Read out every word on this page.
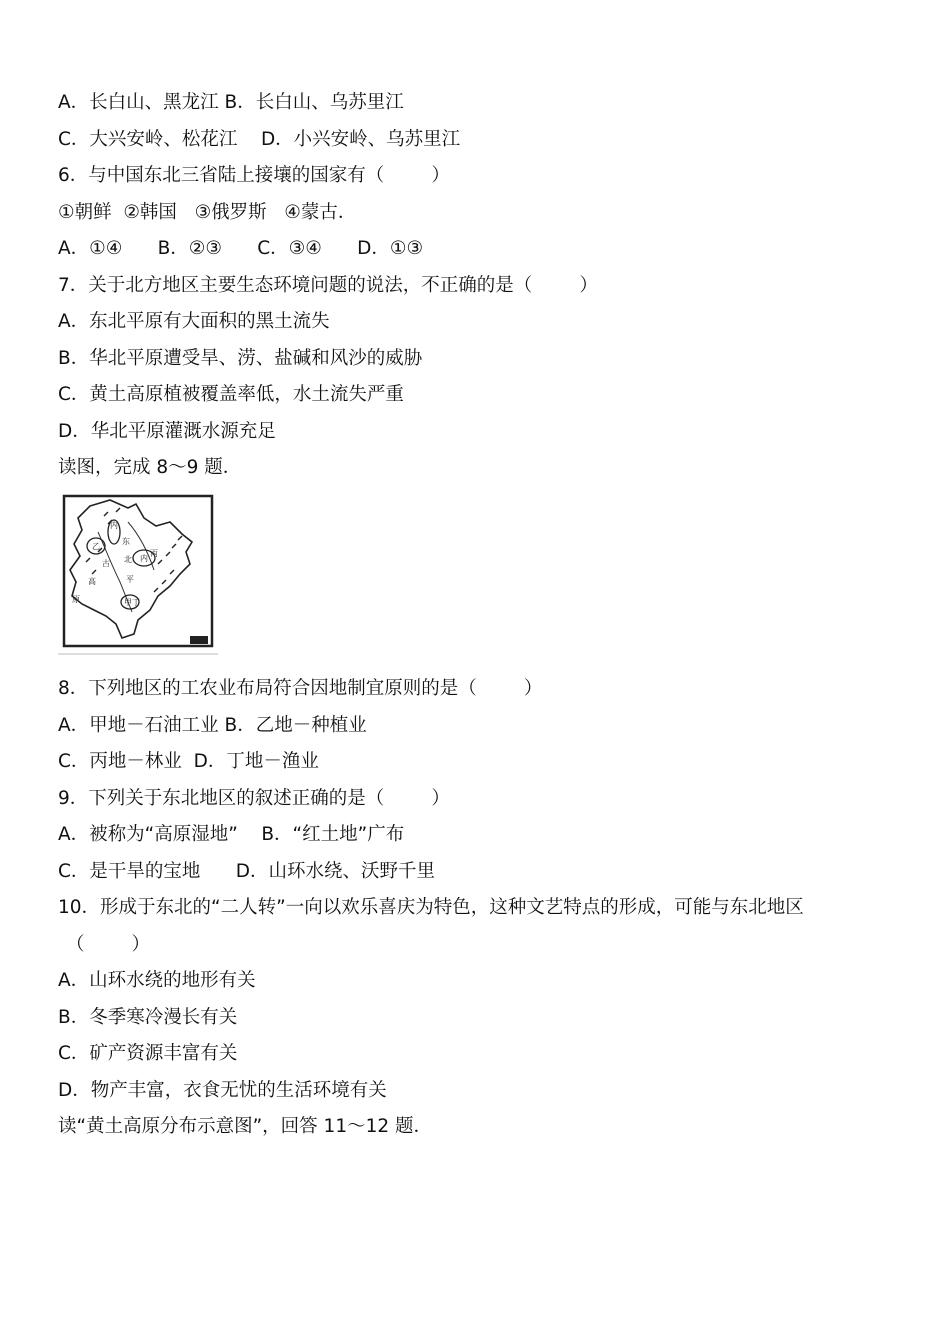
A．长白山、黑龙江 B．长白山、乌苏里江
C．大兴安岭、松花江    D．小兴安岭、乌苏里江
6．与中国东北三省陆上接壤的国家有（        ）
①朝鲜  ②韩国   ③俄罗斯   ④蒙古．
A．①④      B．②③      C．③④      D．①③
7．关于北方地区主要生态环境问题的说法，不正确的是（        ）
A．东北平原有大面积的黑土流失
B．华北平原遭受旱、涝、盐碱和风沙的威胁
C．黄土高原植被覆盖率低，水土流失严重
D．华北平原灌溉水源充足
读图，完成 8～9 题．
8．下列地区的工农业布局符合因地制宜原则的是（        ）
A．甲地－石油工业 B．乙地－种植业
C．丙地－林业  D．丁地－渔业
9．下列关于东北地区的叙述正确的是（        ）
A．被称为“高原湿地”    B．“红土地”广布
C．是干旱的宝地      D．山环水绕、沃野千里
10．形成于东北的“二人转”一向以欢乐喜庆为特色，这种文艺特点的形成，可能与东北地区
（        ）
A．山环水绕的地形有关
B．冬季寒冷漫长有关
C．矿产资源丰富有关
D．物产丰富，衣食无忧的生活环境有关
读“黄土高原分布示意图”，回答 11～12 题．
乙
内
内
东
丙
北
古
平
高
原	甲 丁
